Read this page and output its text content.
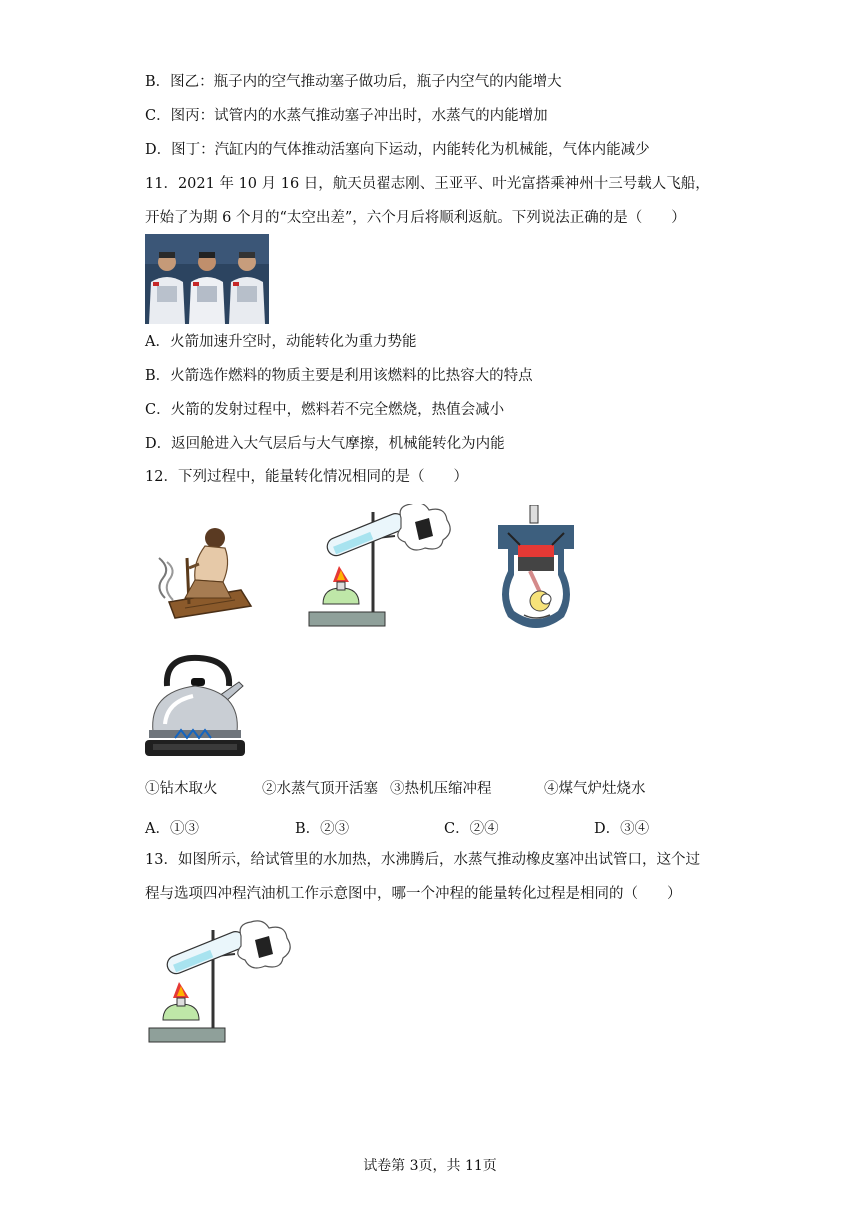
B．图乙：瓶子内的空气推动塞子做功后，瓶子内空气的内能增大
C．图丙：试管内的水蒸气推动塞子冲出时，水蒸气的内能增加
D．图丁：汽缸内的气体推动活塞向下运动，内能转化为机械能，气体内能减少
11．2021 年 10 月 16 日，航天员翟志刚、王亚平、叶光富搭乘神州十三号载人飞船，
开始了为期 6 个月的“太空出差”，六个月后将顺利返航。下列说法正确的是（　　）
A．火箭加速升空时，动能转化为重力势能
B．火箭选作燃料的物质主要是利用该燃料的比热容大的特点
C．火箭的发射过程中，燃料若不完全燃烧，热值会减小
D．返回舱进入大气层后与大气摩擦，机械能转化为内能
12．下列过程中，能量转化情况相同的是（　　）
①钻木取火	②水蒸气顶开活塞 ③热机压缩冲程	④煤气炉灶烧水
A．①③	B．②③	C．②④	D．③④
13．如图所示，给试管里的水加热，水沸腾后，水蒸气推动橡皮塞冲出试管口，这个过
程与选项四冲程汽油机工作示意图中，哪一个冲程的能量转化过程是相同的（　　）
试卷第 3页，共 11页
